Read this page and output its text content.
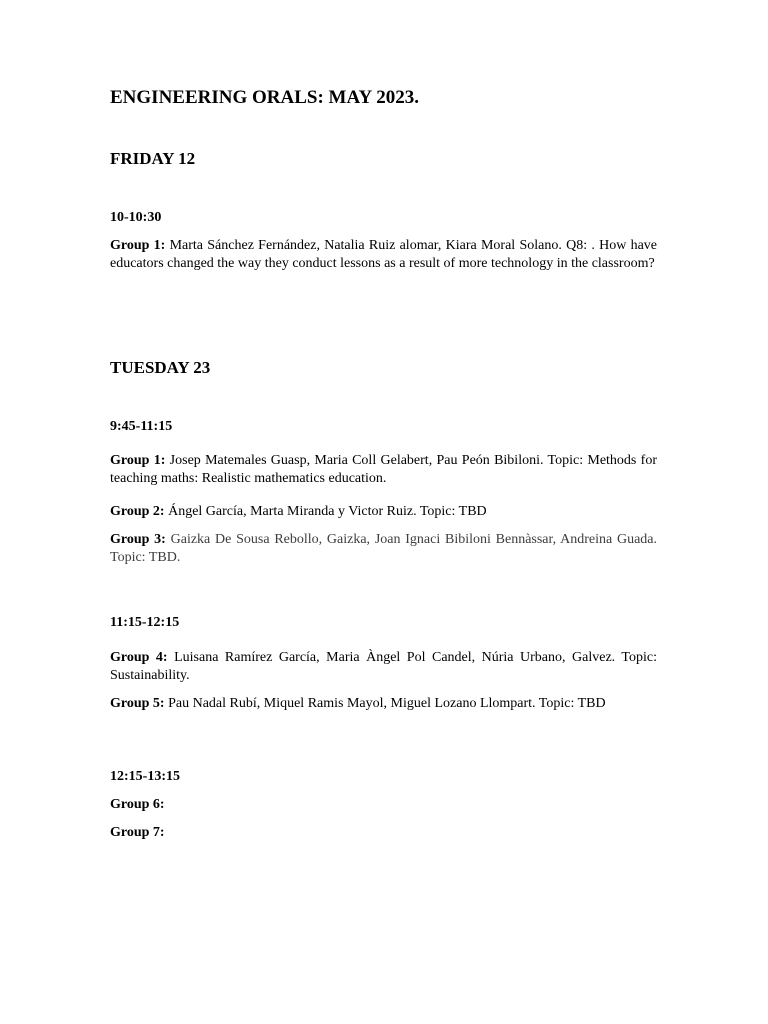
ENGINEERING ORALS: MAY 2023.
FRIDAY 12
10-10:30
Group 1: Marta Sánchez Fernández, Natalia Ruiz alomar, Kiara Moral Solano. Q8: . How have educators changed the way they conduct lessons as a result of more technology in the classroom?
TUESDAY 23
9:45-11:15
Group 1: Josep Matemales Guasp, Maria Coll Gelabert, Pau Peón Bibiloni. Topic: Methods for teaching maths: Realistic mathematics education.
Group 2: Ángel García, Marta Miranda y Victor Ruiz. Topic: TBD
Group 3: Gaizka De Sousa Rebollo, Gaizka, Joan Ignaci Bibiloni Bennàssar, Andreina Guada. Topic: TBD.
11:15-12:15
Group 4: Luisana Ramírez García, Maria Àngel Pol Candel, Núria Urbano, Galvez. Topic: Sustainability.
Group 5: Pau Nadal Rubí, Miquel Ramis Mayol, Miguel Lozano Llompart. Topic: TBD
12:15-13:15
Group 6:
Group 7:
